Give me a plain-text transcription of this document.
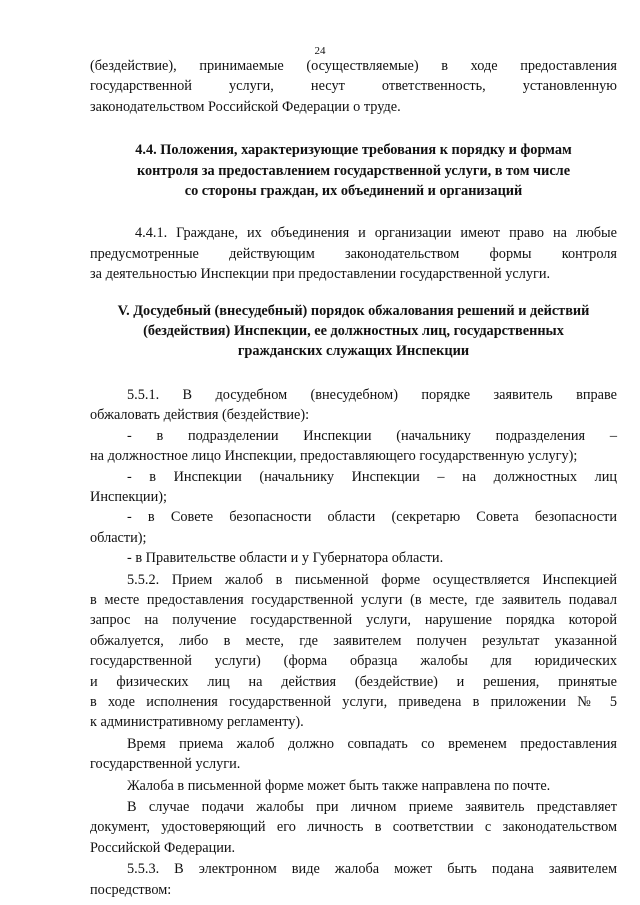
24

(бездействие), принимаемые (осуществляемые) в ходе предоставления

государственной услуги, несут ответственность, установленную

законодательством Российской Федерации о труде.

4.4. Положения, характеризующие требования к порядку и формам

контроля за предоставлением государственной услуги, в том числе

со стороны граждан, их объединений и организаций

4.4.1. Граждане, их объединения и организации имеют право на любые

предусмотренные действующим законодательством формы контроля

за деятельностью Инспекции при предоставлении государственной услуги.

V. Досудебный (внесудебный) порядок обжалования решений и действий

(бездействия) Инспекции, ее должностных лиц, государственных

гражданских служащих Инспекции

5.5.1. В досудебном (внесудебном) порядке заявитель вправе

обжаловать действия (бездействие):

- в подразделении Инспекции (начальнику подразделения –

на должностное лицо Инспекции, предоставляющего государственную услугу);

- в Инспекции (начальнику Инспекции – на должностных лиц

Инспекции);

- в Совете безопасности области (секретарю Совета безопасности

области);

- в Правительстве области и у Губернатора области.

5.5.2. Прием жалоб в письменной форме осуществляется Инспекцией

в месте предоставления государственной услуги (в месте, где заявитель подавал

запрос на получение государственной услуги, нарушение порядка которой

обжалуется, либо в месте, где заявителем получен результат указанной

государственной услуги) (форма образца жалобы для юридических

и физических лиц на действия (бездействие) и решения, принятые

в ходе исполнения государственной услуги, приведена в приложении № 5

к административному регламенту).

Время приема жалоб должно совпадать со временем предоставления

государственной услуги.

Жалоба в письменной форме может быть также направлена по почте.

В случае подачи жалобы при личном приеме заявитель представляет

документ, удостоверяющий его личность в соответствии с законодательством

Российской Федерации.

5.5.3. В электронном виде жалоба может быть подана заявителем

посредством:
